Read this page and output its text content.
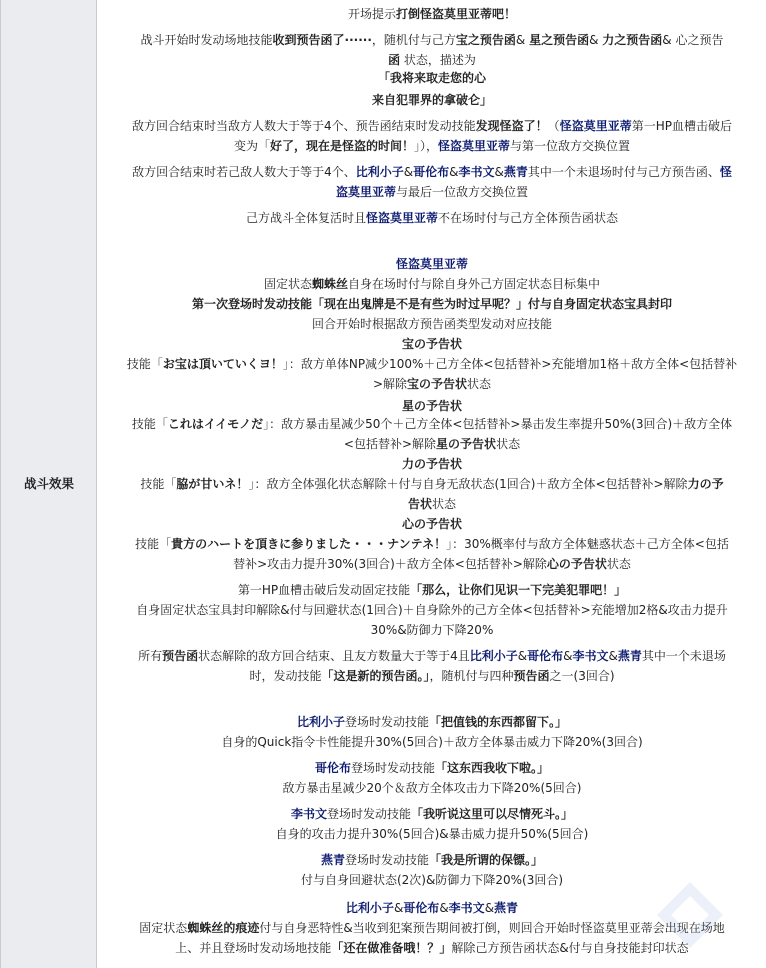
战斗效果
开场提示打倒怪盗莫里亚蒂吧！
战斗开始时发动场地技能收到预告函了······，随机付与己方宝之预告函& 星之预告函& 力之预告函& 心之预告
函 状态，描述为
「我将来取走您的心
来自犯罪界的拿破仑」
敌方回合结束时当敌方人数大于等于4个、预告函结束时发动技能发现怪盗了！（怪盗莫里亚蒂第一HP血槽击破后
变为「好了，现在是怪盗的时间！」），怪盗莫里亚蒂与第一位敌方交换位置
敌方回合结束时若己敌人数大于等于4个、比利小子&哥伦布&李书文&燕青其中一个未退场时付与己方预告函、怪
盗莫里亚蒂与最后一位敌方交换位置
己方战斗全体复活时且怪盗莫里亚蒂不在场时付与己方全体预告函状态
怪盗莫里亚蒂
固定状态蜘蛛丝自身在场时付与除自身外己方固定状态目标集中
第一次登场时发动技能「现在出鬼牌是不是有些为时过早呢？」付与自身固定状态宝具封印
回合开始时根据敌方预告函类型发动对应技能
宝の予告状
技能「お宝は頂いていくヨ！」：敌方单体NP减少100%＋己方全体<包括替补>充能增加1格＋敌方全体<包括替补
>解除宝の予告状状态
星の予告状
技能「これはイイモノだ」：敌方暴击星减少50个＋己方全体<包括替补>暴击发生率提升50%(3回合)＋敌方全体
<包括替补>解除星の予告状状态
力の予告状
技能「脇が甘いネ！」：敌方全体强化状态解除＋付与自身无敌状态(1回合)＋敌方全体<包括替补>解除力の予
告状状态
心の予告状
技能「貴方のハートを頂きに参りました・・・ナンテネ！」：30%概率付与敌方全体魅惑状态＋己方全体<包括
替补>攻击力提升30%(3回合)＋敌方全体<包括替补>解除心の予告状状态
第一HP血槽击破后发动固定技能「那么，让你们见识一下完美犯罪吧！」
自身固定状态宝具封印解除&付与回避状态(1回合)＋自身除外的己方全体<包括替补>充能增加2格&攻击力提升
30%&防御力下降20%
所有预告函状态解除的敌方回合结束、且友方数量大于等于4且比利小子&哥伦布&李书文&燕青其中一个未退场
时，发动技能「这是新的预告函。」，随机付与四种预告函之一(3回合)
比利小子登场时发动技能「把值钱的东西都留下。」
自身的Quick指令卡性能提升30%(5回合)＋敌方全体暴击威力下降20%(3回合)
哥伦布登场时发动技能「这东西我收下啦。」
敌方暴击星减少20个＆敌方全体攻击力下降20%(5回合)
李书文登场时发动技能「我听说这里可以尽情死斗。」
自身的攻击力提升30%(5回合)&暴击威力提升50%(5回合)
燕青登场时发动技能「我是所谓的保镖。」
付与自身回避状态(2次)&防御力下降20%(3回合)
比利小子&哥伦布&李书文&燕青
固定状态蜘蛛丝的痕迹付与自身恶特性&当收到犯案预告期间被打倒，则回合开始时怪盗莫里亚蒂会出现在场地
上、并且登场时发动场地技能「还在做准备哦！？」解除己方预告函状态&付与自身技能封印状态
